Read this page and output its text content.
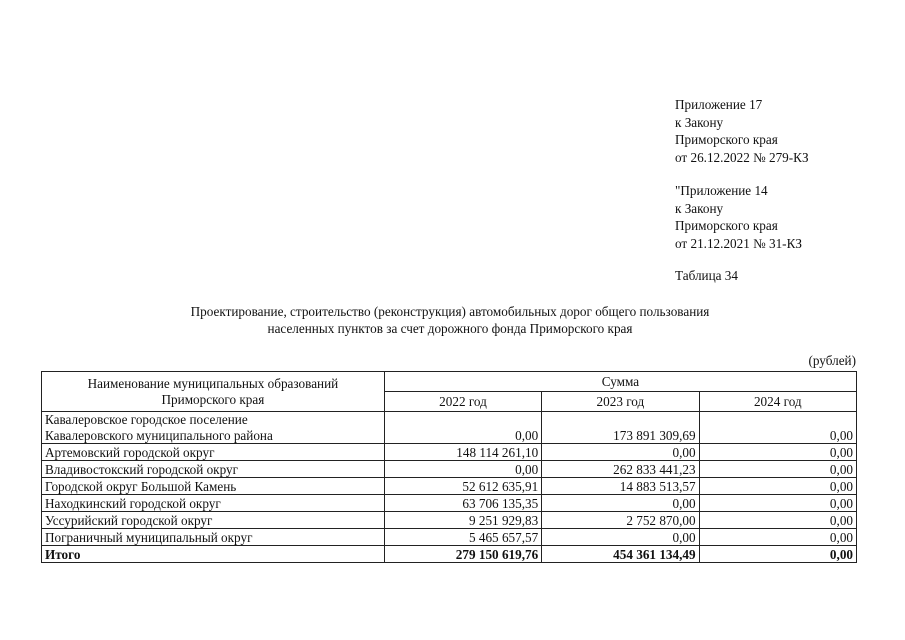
Приложение 17
к Закону
Приморского края
от 26.12.2022 № 279-КЗ
"Приложение 14
к Закону
Приморского края
от 21.12.2021 № 31-КЗ
Таблица 34
Проектирование, строительство (реконструкция) автомобильных дорог общего пользования
населенных пунктов за счет дорожного фонда Приморского края
(рублей)
Наименование муниципальных образований
Приморского края	Сумма		
	2022 год	2023 год	2024 год

Кавалеровское городское поселение
Кавалеровского муниципального района	0,00	173 891 309,69	0,00
Артемовский городской округ	148 114 261,10	0,00	0,00
Владивостокский городской округ	0,00	262 833 441,23	0,00
Городской округ Большой Камень	52 612 635,91	14 883 513,57	0,00
Находкинский городской округ	63 706 135,35	0,00	0,00
Уссурийский городской округ	9 251 929,83	2 752 870,00	0,00
Пограничный муниципальный округ	5 465 657,57	0,00	0,00
Итого	279 150 619,76	454 361 134,49	0,00
